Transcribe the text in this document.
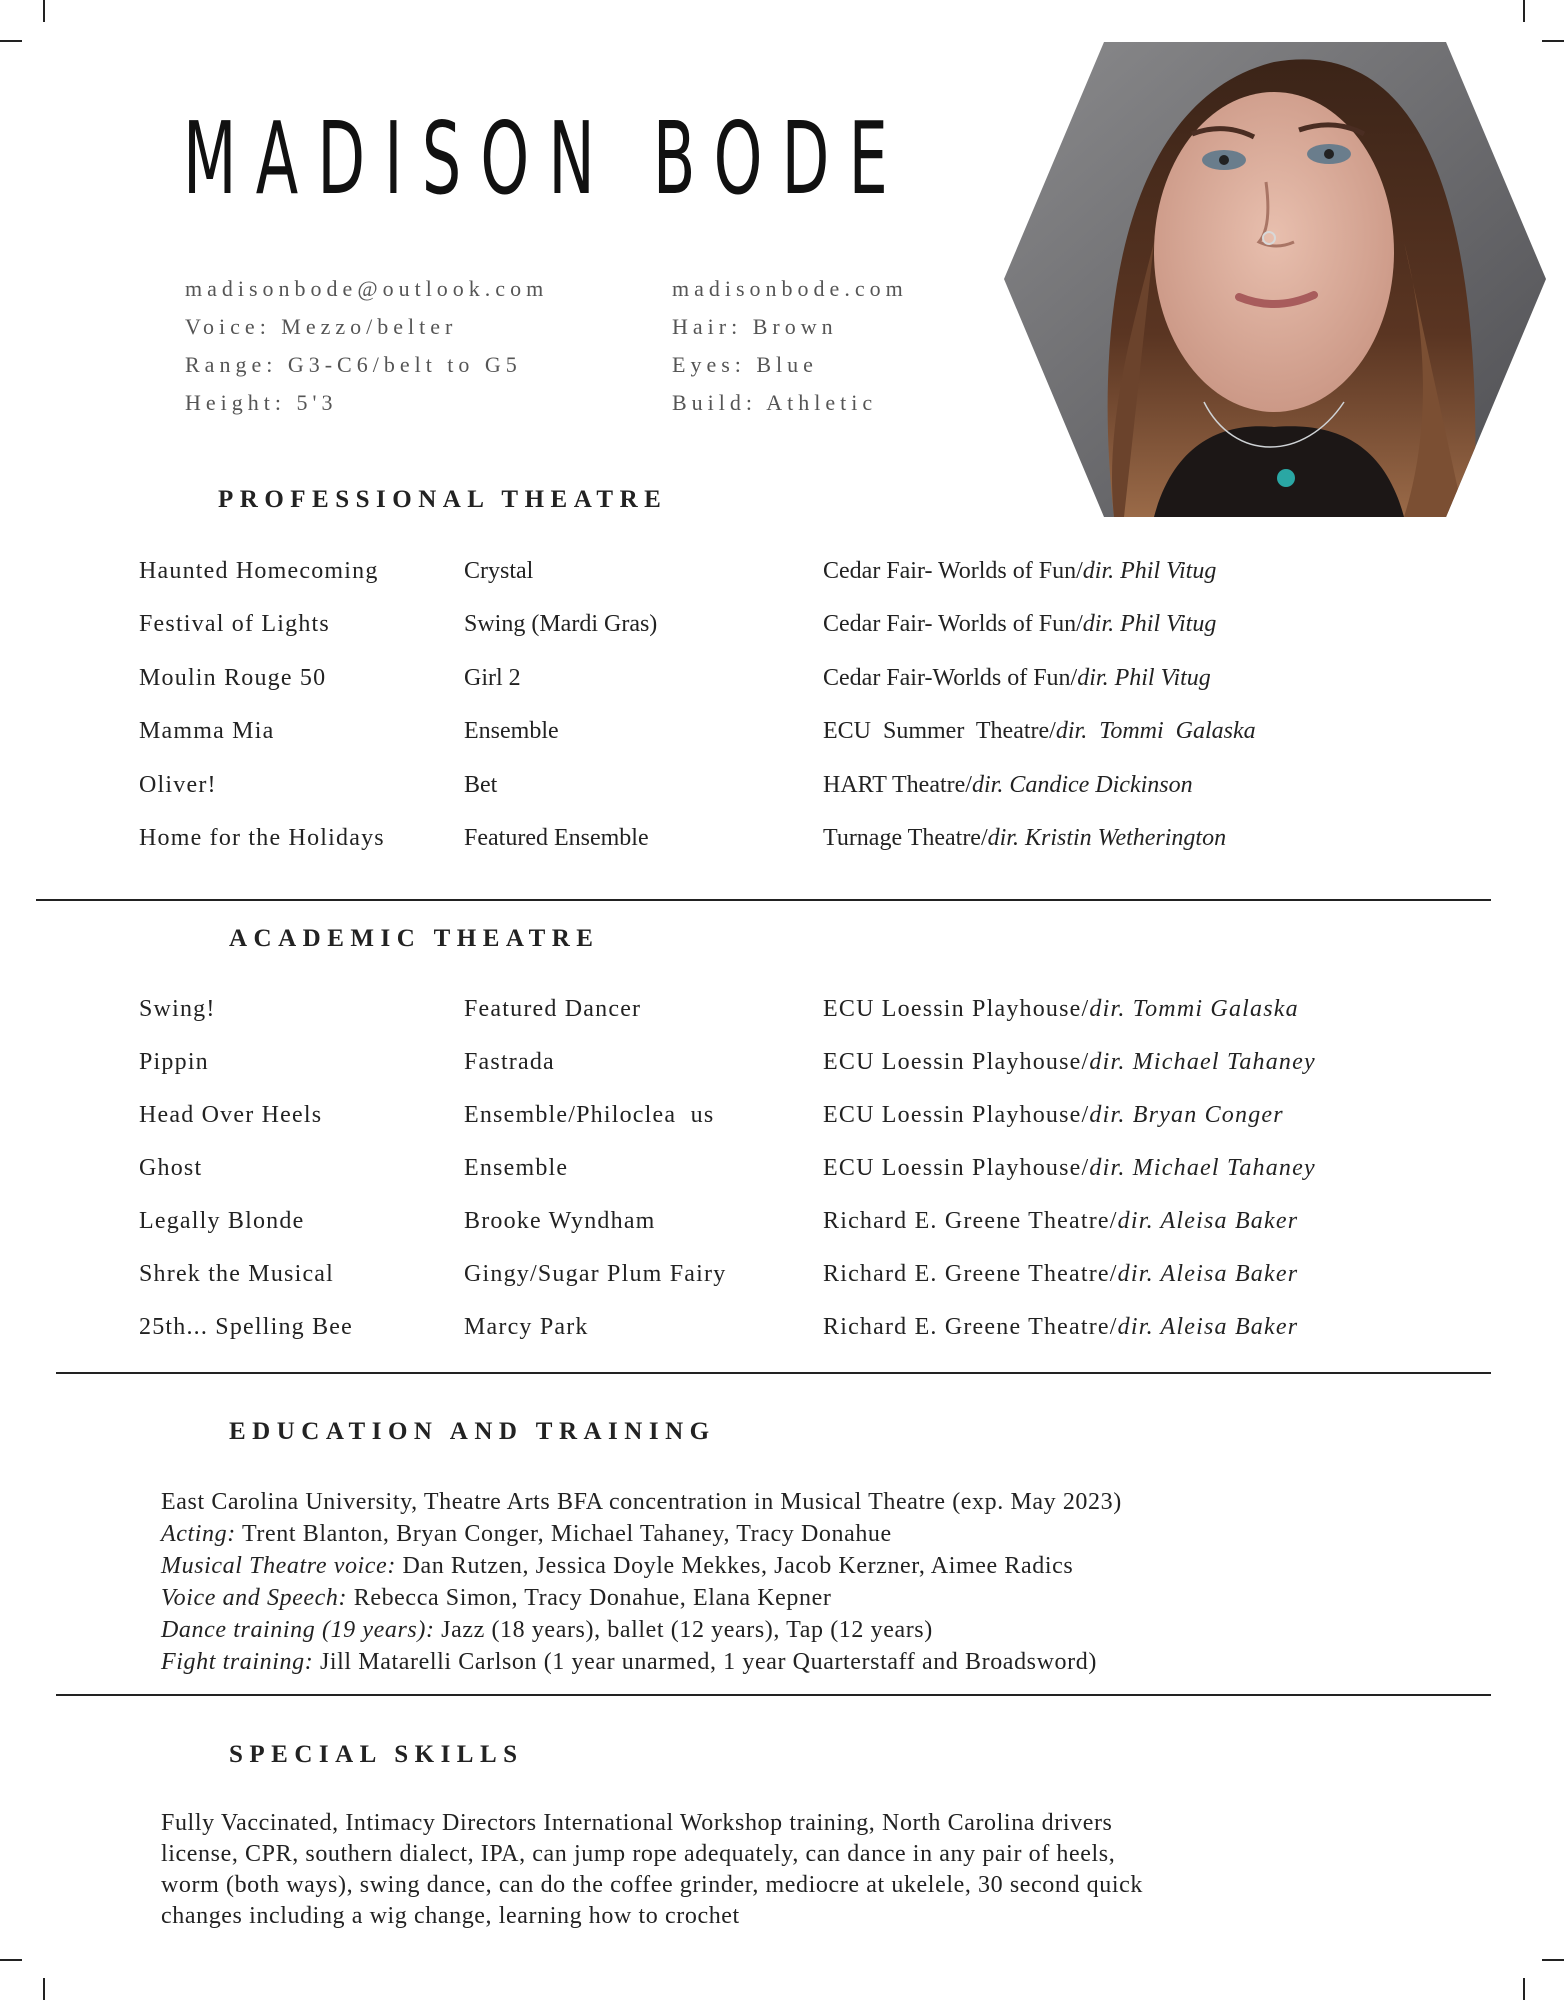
MADISON BODE
madisonbode@outlook.com
Voice: Mezzo/belter
Range: G3-C6/belt to G5
Height: 5'3
madisonbode.com
Hair: Brown
Eyes: Blue
Build: Athletic
PROFESSIONAL THEATRE
Haunted Homecoming	Crystal	Cedar Fair- Worlds of Fun/dir. Phil Vitug
Festival of Lights	Swing (Mardi Gras)	Cedar Fair- Worlds of Fun/dir. Phil Vitug
Moulin Rouge 50	Girl 2	Cedar Fair-Worlds of Fun/dir. Phil Vitug
Mamma Mia	Ensemble	ECU  Summer  Theatre/dir.  Tommi  Galaska
Oliver!	Bet	HART Theatre/dir. Candice Dickinson
Home for the Holidays	Featured Ensemble	Turnage Theatre/dir. Kristin Wetherington
ACADEMIC THEATRE
Swing!	Featured Dancer	ECU Loessin Playhouse/dir. Tommi Galaska
Pippin	Fastrada	ECU Loessin Playhouse/dir. Michael Tahaney
Head Over Heels	Ensemble/Philoclea  us	ECU Loessin Playhouse/dir. Bryan Conger
Ghost	Ensemble	ECU Loessin Playhouse/dir. Michael Tahaney
Legally Blonde	Brooke Wyndham	Richard E. Greene Theatre/dir. Aleisa Baker
Shrek the Musical	Gingy/Sugar Plum Fairy	Richard E. Greene Theatre/dir. Aleisa Baker
25th... Spelling Bee	Marcy Park	Richard E. Greene Theatre/dir. Aleisa Baker
EDUCATION AND TRAINING
East Carolina University, Theatre Arts BFA concentration in Musical Theatre (exp. May 2023)
Acting: Trent Blanton, Bryan Conger, Michael Tahaney, Tracy Donahue
Musical Theatre voice: Dan Rutzen, Jessica Doyle Mekkes, Jacob Kerzner, Aimee Radics
Voice and Speech: Rebecca Simon, Tracy Donahue, Elana Kepner
Dance training (19 years): Jazz (18 years), ballet (12 years), Tap (12 years)
Fight training: Jill Matarelli Carlson (1 year unarmed, 1 year Quarterstaff and Broadsword)
SPECIAL SKILLS
Fully Vaccinated, Intimacy Directors International Workshop training, North Carolina drivers
license, CPR, southern dialect, IPA, can jump rope adequately, can dance in any pair of heels,
worm (both ways), swing dance, can do the coffee grinder, mediocre at ukelele, 30 second quick
changes including a wig change, learning how to crochet
